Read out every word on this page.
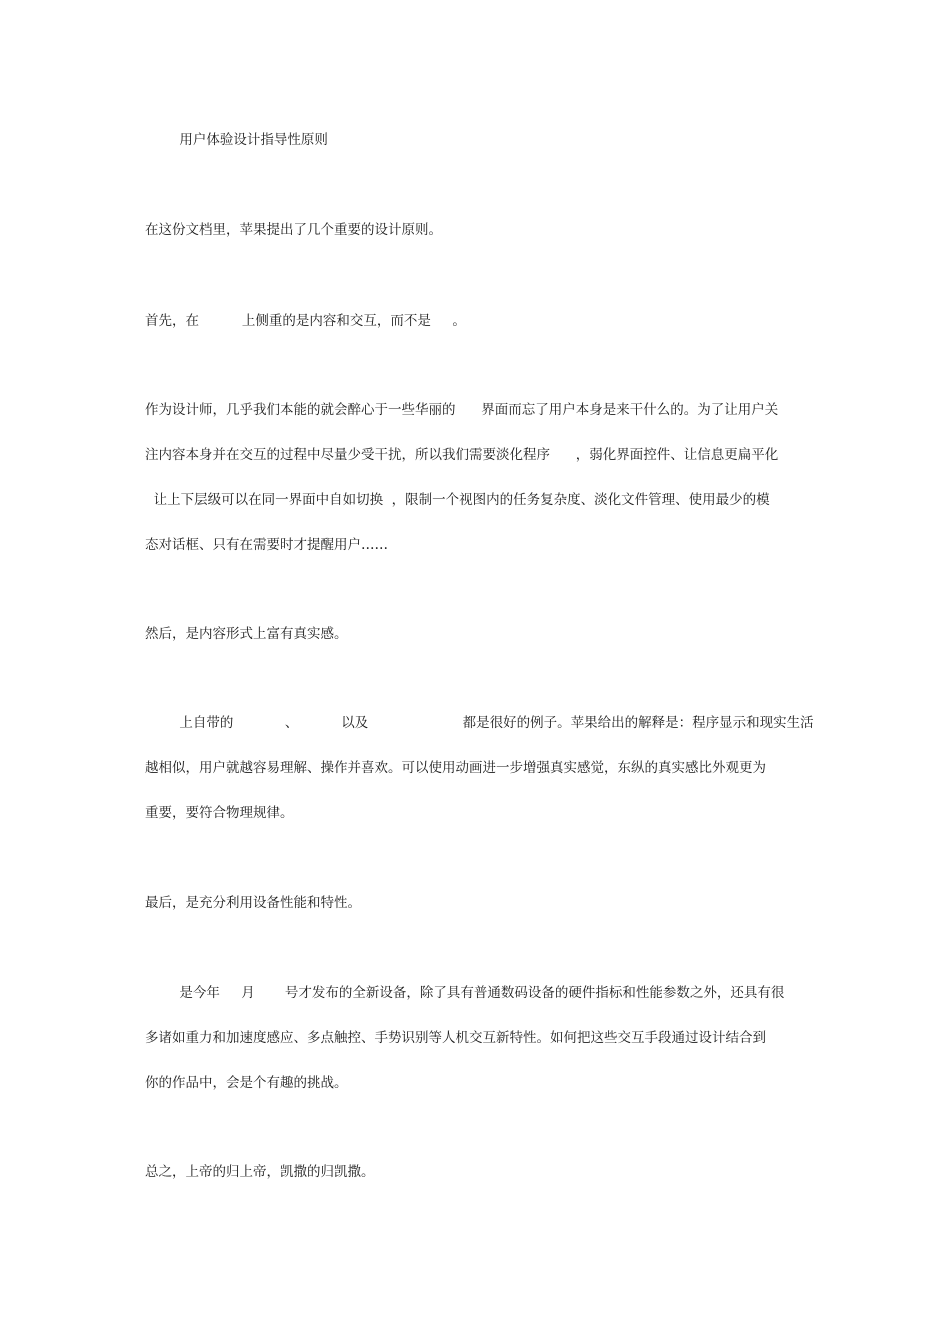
用户体验设计指导性原则
在这份文档里，苹果提出了几个重要的设计原则。
首先，在          上侧重的是内容和交互，而不是     。
作为设计师，几乎我们本能的就会醉心于一些华丽的      界面而忘了用户本身是来干什么的。为了让用户关
注内容本身并在交互的过程中尽量少受干扰，所以我们需要淡化程序      ，弱化界面控件、让信息更扁平化
让上下层级可以在同一界面中自如切换  ，限制一个视图内的任务复杂度、淡化文件管理、使用最少的模
态对话框、只有在需要时才提醒用户……
然后，是内容形式上富有真实感。
上自带的            、          以及                      都是很好的例子。苹果给出的解释是：程序显示和现实生活
越相似，用户就越容易理解、操作并喜欢。可以使用动画进一步增强真实感觉，东纵的真实感比外观更为
重要，要符合物理规律。
最后，是充分利用设备性能和特性。
是今年     月       号才发布的全新设备，除了具有普通数码设备的硬件指标和性能参数之外，还具有很
多诸如重力和加速度感应、多点触控、手势识别等人机交互新特性。如何把这些交互手段通过设计结合到
你的作品中，会是个有趣的挑战。
总之，上帝的归上帝，凯撒的归凯撒。
